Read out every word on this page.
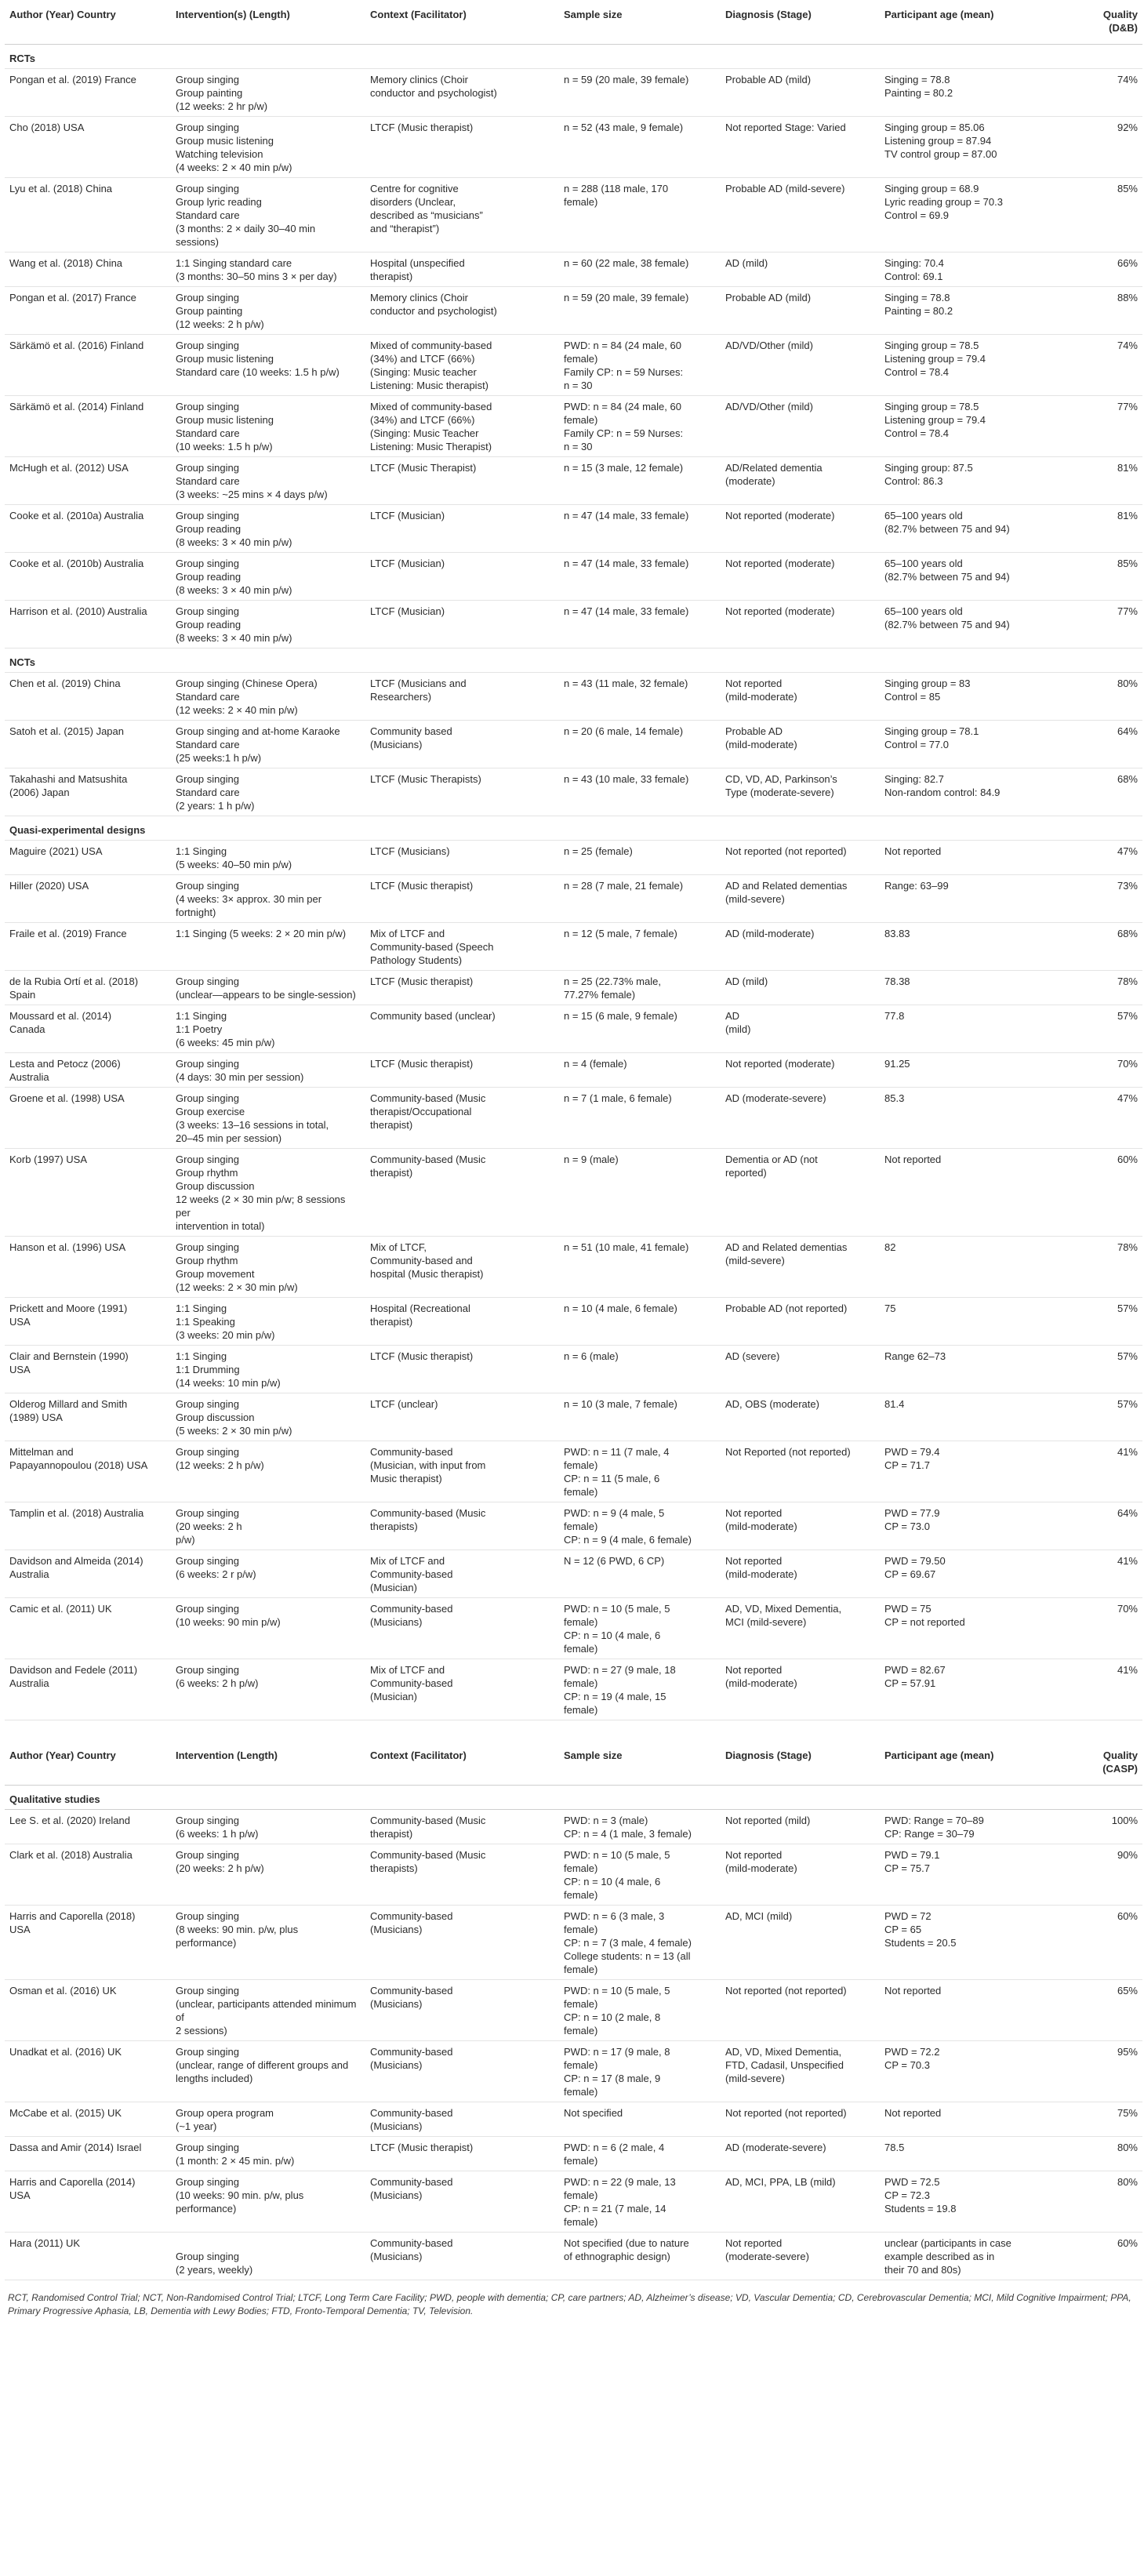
Author (Year) Country	Intervention(s) (Length)	Context (Facilitator)	Sample size	Diagnosis (Stage)	Participant age (mean)	Quality
(D&B)
RCTs						
Pongan et al. (2019) France	Group singing
Group painting
(12 weeks: 2 hr p/w)	Memory clinics (Choir
conductor and psychologist)	n = 59 (20 male, 39 female)	Probable AD (mild)	Singing = 78.8
Painting = 80.2	74%
Cho (2018) USA	Group singing
Group music listening
Watching television
(4 weeks: 2 × 40 min p/w)	LTCF (Music therapist)	n = 52 (43 male, 9 female)	Not reported Stage: Varied	Singing group = 85.06
Listening group = 87.94
TV control group = 87.00	92%
Lyu et al. (2018) China	Group singing
Group lyric reading
Standard care
(3 months: 2 × daily 30–40 min sessions)	Centre for cognitive
disorders (Unclear,
described as “musicians”
and “therapist”)	n = 288 (118 male, 170
female)	Probable AD (mild-severe)	Singing group = 68.9
Lyric reading group = 70.3
Control = 69.9	85%
Wang et al. (2018) China	1:1 Singing standard care
(3 months: 30–50 mins 3 × per day)	Hospital (unspecified
therapist)	n = 60 (22 male, 38 female)	AD (mild)	Singing: 70.4
Control: 69.1	66%
Pongan et al. (2017) France	Group singing
Group painting
(12 weeks: 2 h p/w)	Memory clinics (Choir
conductor and psychologist)	n = 59 (20 male, 39 female)	Probable AD (mild)	Singing = 78.8
Painting = 80.2	88%
Särkämö et al. (2016) Finland	Group singing
Group music listening
Standard care (10 weeks: 1.5 h p/w)	Mixed of community-based
(34%) and LTCF (66%)
(Singing: Music teacher
Listening: Music therapist)	PWD: n = 84 (24 male, 60
female)
Family CP: n = 59 Nurses:
n = 30	AD/VD/Other (mild)	Singing group = 78.5
Listening group = 79.4
Control = 78.4	74%
Särkämö et al. (2014) Finland	Group singing
Group music listening
Standard care
(10 weeks: 1.5 h p/w)	Mixed of community-based
(34%) and LTCF (66%)
(Singing: Music Teacher
Listening: Music Therapist)	PWD: n = 84 (24 male, 60
female)
Family CP: n = 59 Nurses:
n = 30	AD/VD/Other (mild)	Singing group = 78.5
Listening group = 79.4
Control = 78.4	77%
McHugh et al. (2012) USA	Group singing
Standard care
(3 weeks: ~25 mins × 4 days p/w)	LTCF (Music Therapist)	n = 15 (3 male, 12 female)	AD/Related dementia
(moderate)	Singing group: 87.5
Control: 86.3	81%
Cooke et al. (2010a) Australia	Group singing
Group reading
(8 weeks: 3 × 40 min p/w)	LTCF (Musician)	n = 47 (14 male, 33 female)	Not reported (moderate)	65–100 years old
(82.7% between 75 and 94)	81%
Cooke et al. (2010b) Australia	Group singing
Group reading
(8 weeks: 3 × 40 min p/w)	LTCF (Musician)	n = 47 (14 male, 33 female)	Not reported (moderate)	65–100 years old
(82.7% between 75 and 94)	85%
Harrison et al. (2010) Australia	Group singing
Group reading
(8 weeks: 3 × 40 min p/w)	LTCF (Musician)	n = 47 (14 male, 33 female)	Not reported (moderate)	65–100 years old
(82.7% between 75 and 94)	77%
NCTs						
Chen et al. (2019) China	Group singing (Chinese Opera)
Standard care
(12 weeks: 2 × 40 min p/w)	LTCF (Musicians and
Researchers)	n = 43 (11 male, 32 female)	Not reported
(mild-moderate)	Singing group = 83
Control = 85	80%
Satoh et al. (2015) Japan	Group singing and at-home Karaoke
Standard care
(25 weeks:1 h p/w)	Community based
(Musicians)	n = 20 (6 male, 14 female)	Probable AD
(mild-moderate)	Singing group = 78.1
Control = 77.0	64%
Takahashi and Matsushita
(2006) Japan	Group singing
Standard care
(2 years: 1 h p/w)	LTCF (Music Therapists)	n = 43 (10 male, 33 female)	CD, VD, AD, Parkinson’s
Type (moderate-severe)	Singing: 82.7
Non-random control: 84.9	68%
Quasi-experimental designs						
Maguire (2021) USA	1:1 Singing
(5 weeks: 40–50 min p/w)	LTCF (Musicians)	n = 25 (female)	Not reported (not reported)	Not reported	47%
Hiller (2020) USA	Group singing
(4 weeks: 3× approx. 30 min per fortnight)	LTCF (Music therapist)	n = 28 (7 male, 21 female)	AD and Related dementias
(mild-severe)	Range: 63–99	73%
Fraile et al. (2019) France	1:1 Singing (5 weeks: 2 × 20 min p/w)	Mix of LTCF and
Community-based (Speech
Pathology Students)	n = 12 (5 male, 7 female)	AD (mild-moderate)	83.83	68%
de la Rubia Ortí et al. (2018)
Spain	Group singing
(unclear—appears to be single-session)	LTCF (Music therapist)	n = 25 (22.73% male,
77.27% female)	AD (mild)	78.38	78%
Moussard et al. (2014)
Canada	1:1 Singing
1:1 Poetry
(6 weeks: 45 min p/w)	Community based (unclear)	n = 15 (6 male, 9 female)	AD
(mild)	77.8	57%
Lesta and Petocz (2006)
Australia	Group singing
(4 days: 30 min per session)	LTCF (Music therapist)	n = 4 (female)	Not reported (moderate)	91.25	70%
Groene et al. (1998) USA	Group singing
Group exercise
(3 weeks: 13–16 sessions in total,
20–45 min per session)	Community-based (Music
therapist/Occupational
therapist)	n = 7 (1 male, 6 female)	AD (moderate-severe)	85.3	47%
Korb (1997) USA	Group singing
Group rhythm
Group discussion
12 weeks (2 × 30 min p/w; 8 sessions per
intervention in total)	Community-based (Music
therapist)	n = 9 (male)	Dementia or AD (not
reported)	Not reported	60%
Hanson et al. (1996) USA	Group singing
Group rhythm
Group movement
(12 weeks: 2 × 30 min p/w)	Mix of LTCF,
Community-based and
hospital (Music therapist)	n = 51 (10 male, 41 female)	AD and Related dementias
(mild-severe)	82	78%
Prickett and Moore (1991)
USA	1:1 Singing
1:1 Speaking
(3 weeks: 20 min p/w)	Hospital (Recreational
therapist)	n = 10 (4 male, 6 female)	Probable AD (not reported)	75	57%
Clair and Bernstein (1990)
USA	1:1 Singing
1:1 Drumming
(14 weeks: 10 min p/w)	LTCF (Music therapist)	n = 6 (male)	AD (severe)	Range 62–73	57%
Olderog Millard and Smith
(1989) USA	Group singing
Group discussion
(5 weeks: 2 × 30 min p/w)	LTCF (unclear)	n = 10 (3 male, 7 female)	AD, OBS (moderate)	81.4	57%
Mittelman and
Papayannopoulou (2018) USA	Group singing
(12 weeks: 2 h p/w)	Community-based
(Musician, with input from
Music therapist)	PWD: n = 11 (7 male, 4
female)
CP: n = 11 (5 male, 6
female)	Not Reported (not reported)	PWD = 79.4
CP = 71.7	41%
Tamplin et al. (2018) Australia	Group singing
(20 weeks: 2 h
p/w)	Community-based (Music
therapists)	PWD: n = 9 (4 male, 5
female)
CP: n = 9 (4 male, 6 female)	Not reported
(mild-moderate)	PWD = 77.9
CP = 73.0	64%
Davidson and Almeida (2014)
Australia	Group singing
(6 weeks: 2 r p/w)	Mix of LTCF and
Community-based
(Musician)	N = 12 (6 PWD, 6 CP)	Not reported
(mild-moderate)	PWD = 79.50
CP = 69.67	41%
Camic et al. (2011) UK	Group singing
(10 weeks: 90 min p/w)	Community-based
(Musicians)	PWD: n = 10 (5 male, 5
female)
CP: n = 10 (4 male, 6
female)	AD, VD, Mixed Dementia,
MCI (mild-severe)	PWD = 75
CP = not reported	70%
Davidson and Fedele (2011)
Australia	Group singing
(6 weeks: 2 h p/w)	Mix of LTCF and
Community-based
(Musician)	PWD: n = 27 (9 male, 18
female)
CP: n = 19 (4 male, 15
female)	Not reported
(mild-moderate)	PWD = 82.67
CP = 57.91	41%
Qualitative studies						
Author (Year) Country	Intervention (Length)	Context (Facilitator)	Sample size	Diagnosis (Stage)	Participant age (mean)	Quality
(CASP)
Lee S. et al. (2020) Ireland	Group singing
(6 weeks: 1 h p/w)	Community-based (Music
therapist)	PWD: n = 3 (male)
CP: n = 4 (1 male, 3 female)	Not reported (mild)	PWD: Range = 70–89
CP: Range = 30–79	100%
Clark et al. (2018) Australia	Group singing
(20 weeks: 2 h p/w)	Community-based (Music
therapists)	PWD: n = 10 (5 male, 5
female)
CP: n = 10 (4 male, 6
female)	Not reported
(mild-moderate)	PWD = 79.1
CP = 75.7	90%
Harris and Caporella (2018)
USA	Group singing
(8 weeks: 90 min. p/w, plus performance)	Community-based
(Musicians)	PWD: n = 6 (3 male, 3
female)
CP: n = 7 (3 male, 4 female)
College students: n = 13 (all
female)	AD, MCI (mild)	PWD = 72
CP = 65
Students = 20.5	60%
Osman et al. (2016) UK	Group singing
(unclear, participants attended minimum of
2 sessions)	Community-based
(Musicians)	PWD: n = 10 (5 male, 5
female)
CP: n = 10 (2 male, 8
female)	Not reported (not reported)	Not reported	65%
Unadkat et al. (2016) UK	Group singing
(unclear, range of different groups and
lengths included)	Community-based
(Musicians)	PWD: n = 17 (9 male, 8
female)
CP: n = 17 (8 male, 9
female)	AD, VD, Mixed Dementia,
FTD, Cadasil, Unspecified
(mild-severe)	PWD = 72.2
CP = 70.3	95%
McCabe et al. (2015) UK	Group opera program
(~1 year)	Community-based
(Musicians)	Not specified	Not reported (not reported)	Not reported	75%
Dassa and Amir (2014) Israel	Group singing
(1 month: 2 × 45 min. p/w)	LTCF (Music therapist)	PWD: n = 6 (2 male, 4
female)	AD (moderate-severe)	78.5	80%
Harris and Caporella (2014)
USA	Group singing
(10 weeks: 90 min. p/w, plus performance)	Community-based
(Musicians)	PWD: n = 22 (9 male, 13
female)
CP: n = 21 (7 male, 14
female)	AD, MCI, PPA, LB (mild)	PWD = 72.5
CP = 72.3
Students = 19.8	80%
Hara (2011) UK	
Group singing
(2 years, weekly)	Community-based
(Musicians)	Not specified (due to nature
of ethnographic design)	Not reported
(moderate-severe)	unclear (participants in case
example described as in
their 70 and 80s)	60%
RCT, Randomised Control Trial; NCT, Non-Randomised Control Trial; LTCF, Long Term Care Facility; PWD, people with dementia; CP, care partners; AD, Alzheimer’s disease; VD, Vascular Dementia; CD, Cerebrovascular Dementia; MCI, Mild Cognitive Impairment; PPA, Primary Progressive Aphasia, LB, Dementia with Lewy Bodies; FTD, Fronto-Temporal Dementia; TV, Television.
